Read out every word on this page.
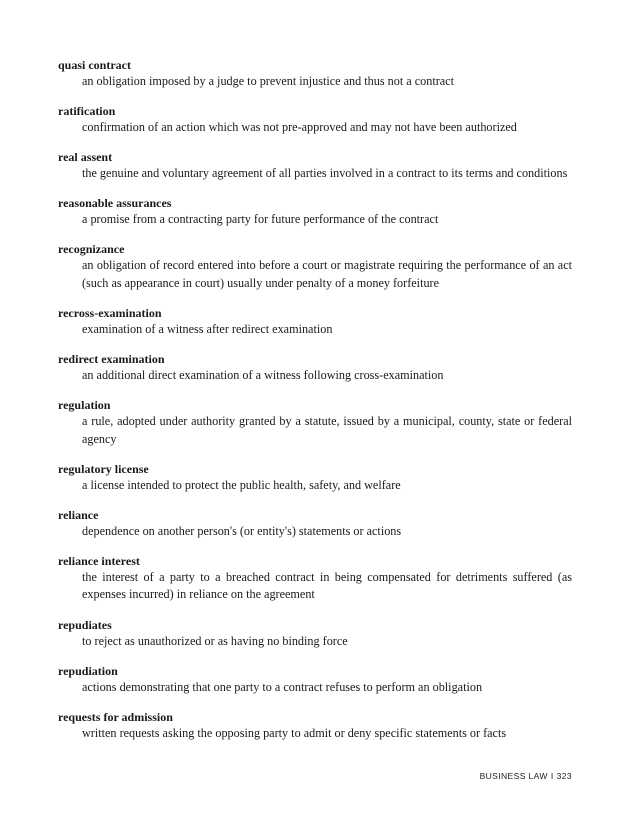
quasi contract
an obligation imposed by a judge to prevent injustice and thus not a contract
ratification
confirmation of an action which was not pre-approved and may not have been authorized
real assent
the genuine and voluntary agreement of all parties involved in a contract to its terms and conditions
reasonable assurances
a promise from a contracting party for future performance of the contract
recognizance
an obligation of record entered into before a court or magistrate requiring the performance of an act (such as appearance in court) usually under penalty of a money forfeiture
recross-examination
examination of a witness after redirect examination
redirect examination
an additional direct examination of a witness following cross-examination
regulation
a rule, adopted under authority granted by a statute, issued by a municipal, county, state or federal agency
regulatory license
a license intended to protect the public health, safety, and welfare
reliance
dependence on another person's (or entity's) statements or actions
reliance interest
the interest of a party to a breached contract in being compensated for detriments suffered (as expenses incurred) in reliance on the agreement
repudiates
to reject as unauthorized or as having no binding force
repudiation
actions demonstrating that one party to a contract refuses to perform an obligation
requests for admission
written requests asking the opposing party to admit or deny specific statements or facts
BUSINESS LAW I 323
